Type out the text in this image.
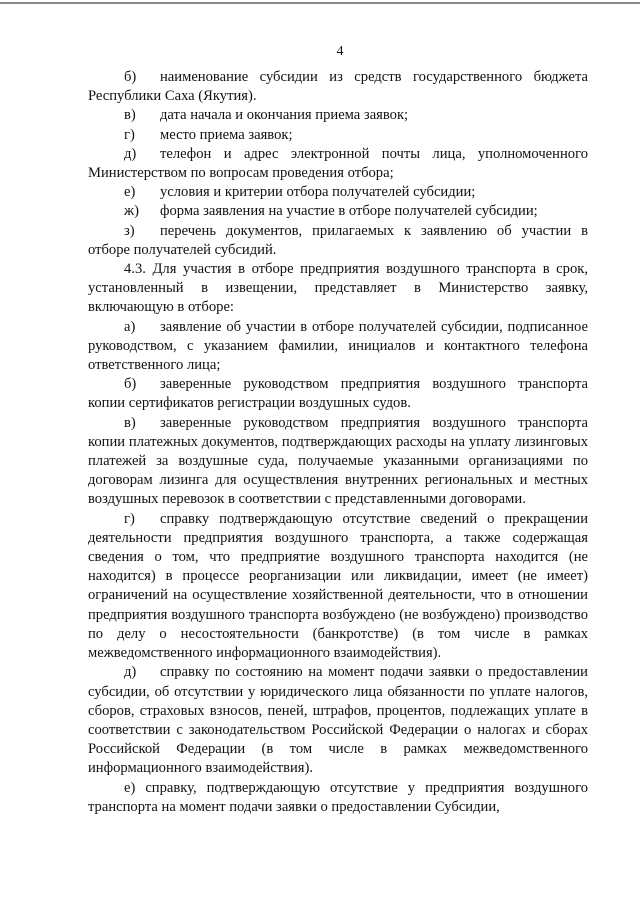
4

б) наименование субсидии из средств государственного бюджета Республики Саха (Якутия).

в) дата начала и окончания приема заявок;

г) место приема заявок;

д) телефон и адрес электронной почты лица, уполномоченного Министерством по вопросам проведения отбора;

е) условия и критерии отбора получателей субсидии;

ж) форма заявления на участие в отборе получателей субсидии;

з) перечень документов, прилагаемых к заявлению об участии в отборе получателей субсидий.

4.3. Для участия в отборе предприятия воздушного транспорта в срок, установленный в извещении, представляет в Министерство заявку, включающую в отборе:

а) заявление об участии в отборе получателей субсидии, подписанное руководством, с указанием фамилии, инициалов и контактного телефона ответственного лица;

б) заверенные руководством предприятия воздушного транспорта копии сертификатов регистрации воздушных судов.

в) заверенные руководством предприятия воздушного транспорта копии платежных документов, подтверждающих расходы на уплату лизинговых платежей за воздушные суда, получаемые указанными организациями по договорам лизинга для осуществления внутренних региональных и местных воздушных перевозок в соответствии с представленными договорами.

г) справку подтверждающую отсутствие сведений о прекращении деятельности предприятия воздушного транспорта, а также содержащая сведения о том, что предприятие воздушного транспорта находится (не находится) в процессе реорганизации или ликвидации, имеет (не имеет) ограничений на осуществление хозяйственной деятельности, что в отношении предприятия воздушного транспорта возбуждено (не возбуждено) производство по делу о несостоятельности (банкротстве) (в том числе в рамках межведомственного информационного взаимодействия).

д) справку по состоянию на момент подачи заявки о предоставлении субсидии, об отсутствии у юридического лица обязанности по уплате налогов, сборов, страховых взносов, пеней, штрафов, процентов, подлежащих уплате в соответствии с законодательством Российской Федерации о налогах и сборах Российской Федерации (в том числе в рамках межведомственного информационного взаимодействия).

е) справку, подтверждающую отсутствие у предприятия воздушного транспорта на момент подачи заявки о предоставлении Субсидии,
